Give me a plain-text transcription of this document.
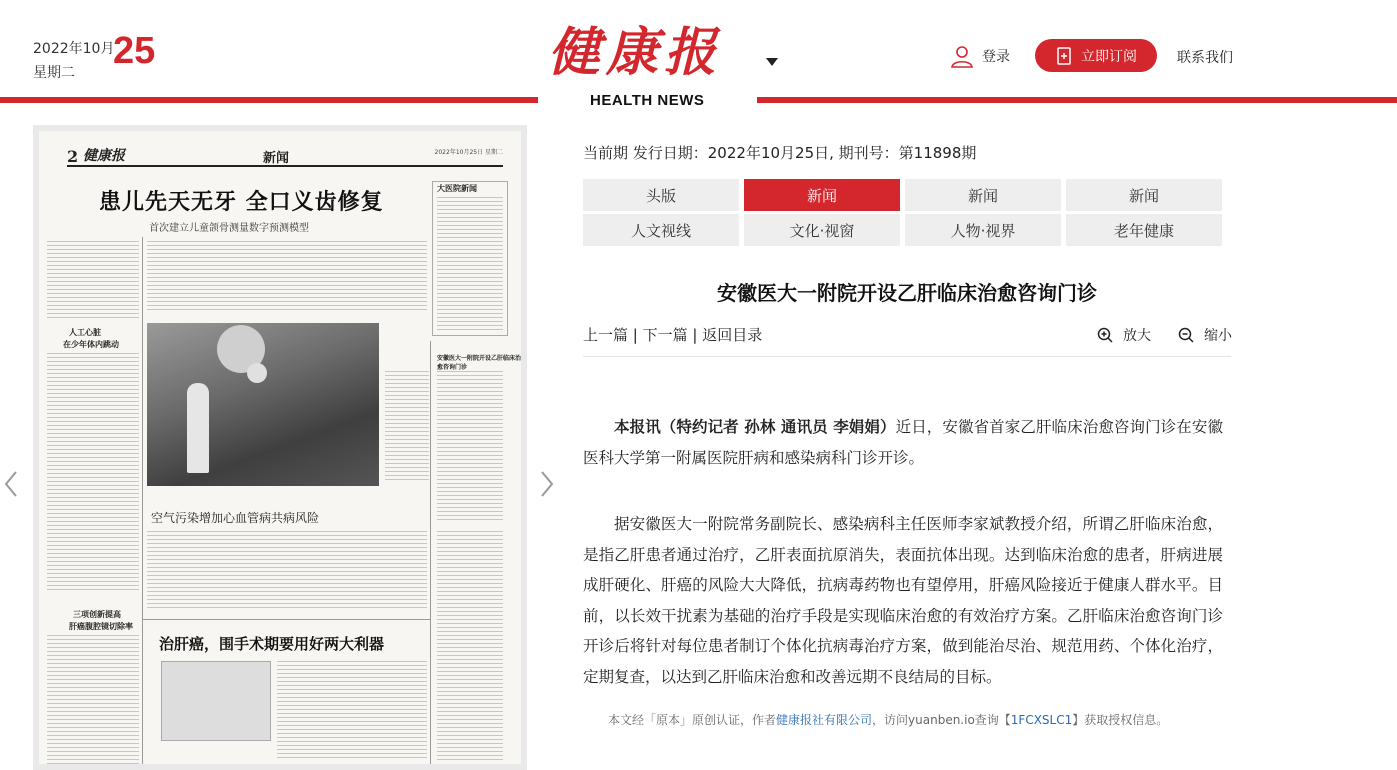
2022年10月
星期二
25	健康报
HEALTH NEWS
登录	立即订阅	联系我们
2 健康报	新闻	2022年10月25日 星期二
患儿先天无牙 全口义齿修复
首次建立儿童颌骨测量数字预测模型
大医院新闻
人工心脏
在少年体内跳动
安徽医大一附院开设乙肝临床治愈咨询门诊
空气污染增加心血管病共病风险
治肝癌，围手术期要用好两大利器
三项创新提高
肝癌腹腔镜切除率
当前期 发行日期：2022年10月25日, 期刊号：第11898期
头版	新闻	新闻	新闻
人文视线	文化·视窗	人物·视界	老年健康
安徽医大一附院开设乙肝临床治愈咨询门诊
上一篇 | 下一篇 | 返回目录	放大	缩小
本报讯（特约记者 孙林 通讯员 李娟娟）近日，安徽省首家乙肝临床治愈咨询门诊在安徽医科大学第一附属医院肝病和感染病科门诊开诊。
据安徽医大一附院常务副院长、感染病科主任医师李家斌教授介绍，所谓乙肝临床治愈，是指乙肝患者通过治疗，乙肝表面抗原消失，表面抗体出现。达到临床治愈的患者，肝病进展成肝硬化、肝癌的风险大大降低，抗病毒药物也有望停用，肝癌风险接近于健康人群水平。目前，以长效干扰素为基础的治疗手段是实现临床治愈的有效治疗方案。乙肝临床治愈咨询门诊开诊后将针对每位患者制订个体化抗病毒治疗方案，做到能治尽治、规范用药、个体化治疗，定期复查，以达到乙肝临床治愈和改善远期不良结局的目标。
本文经「原本」原创认证，作者健康报社有限公司，访问yuanben.io查询【1FCXSLC1】获取授权信息。
